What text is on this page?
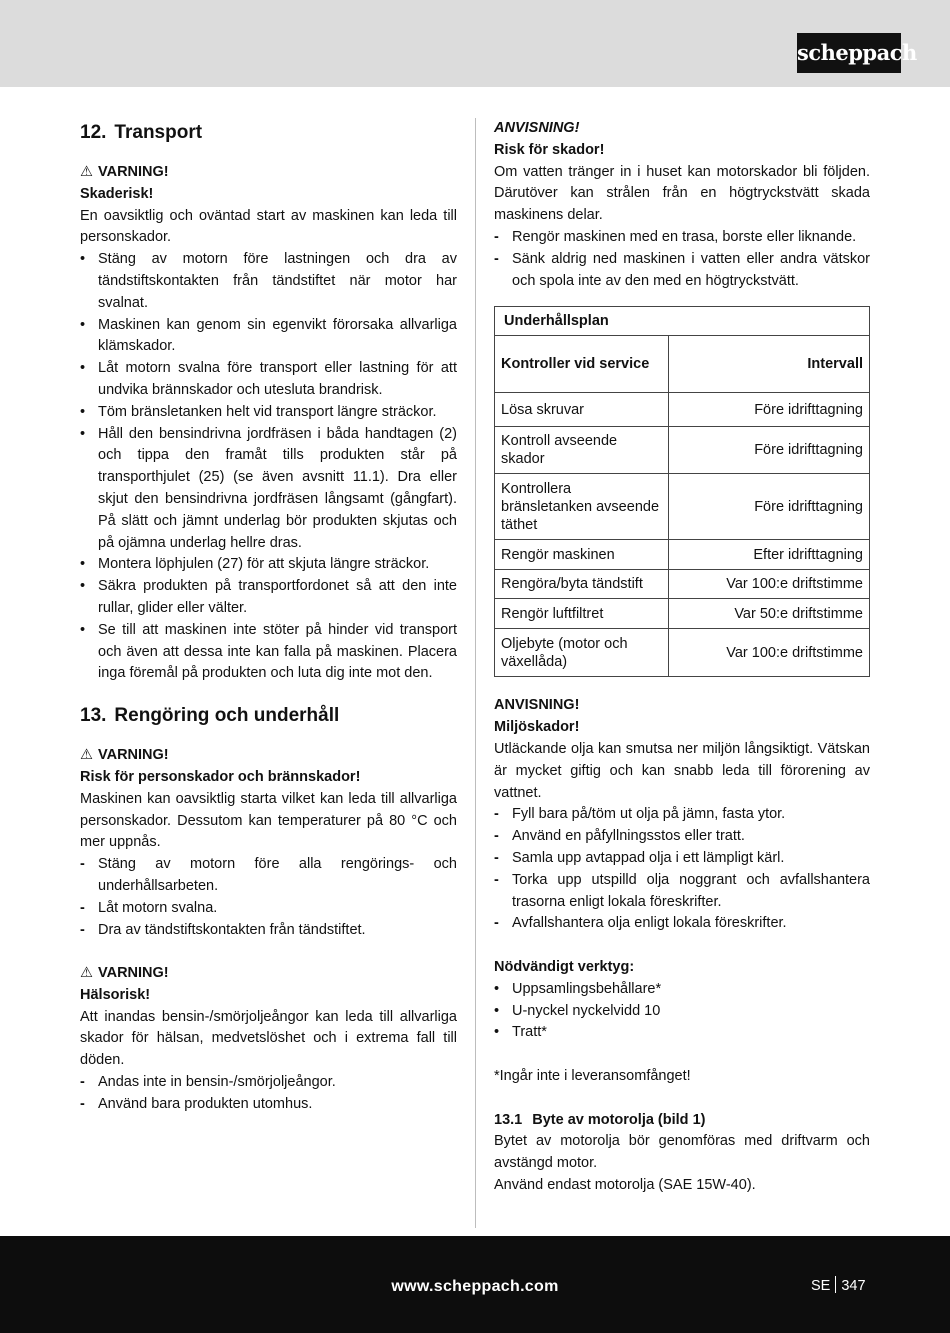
scheppach
12. Transport
⚠ VARNING!
Skaderisk!

En oavsiktlig och oväntad start av maskinen kan leda till personskador.

• Stäng av motorn före lastningen och dra av tändstiftskontakten från tändstiftet när motor har svalnat.
• Maskinen kan genom sin egenvikt förorsaka allvarliga klämskador.
• Låt motorn svalna före transport eller lastning för att undvika brännskador och utesluta brandrisk.
• Töm bränsletanken helt vid transport längre sträckor.
• Håll den bensindrivna jordfräsen i båda handtagen (2) och tippa den framåt tills produkten står på transporthjulet (25) (se även avsnitt 11.1). Dra eller skjut den bensindrivna jordfräsen långsamt (gångfart). På slätt och jämnt underlag bör produkten skjutas och på ojämna underlag hellre dras.
• Montera löphjulen (27) för att skjuta längre sträckor.
• Säkra produkten på transportfordonet så att den inte rullar, glider eller välter.
• Se till att maskinen inte stöter på hinder vid transport och även att dessa inte kan falla på maskinen. Placera inga föremål på produkten och luta dig inte mot den.
13. Rengöring och underhåll
⚠ VARNING!
Risk för personskador och brännskador!

Maskinen kan oavsiktlig starta vilket kan leda till allvarliga personskador. Dessutom kan temperaturer på 80 °C och mer uppnås.

- Stäng av motorn före alla rengörings- och underhållsarbeten.
- Låt motorn svalna.
- Dra av tändstiftskontakten från tändstiftet.
⚠ VARNING!
Hälsorisk!

Att inandas bensin-/smörjoljeångor kan leda till allvarliga skador för hälsan, medvetslöshet och i extrema fall till döden.

- Andas inte in bensin-/smörjoljeångor.
- Använd bara produkten utomhus.
ANVISNING!
Risk för skador!

Om vatten tränger in i huset kan motorskador bli följden. Därutöver kan strålen från en högtryckstvätt skada maskinens delar.

- Rengör maskinen med en trasa, borste eller liknande.
- Sänk aldrig ned maskinen i vatten eller andra vätskor och spola inte av den med en högtryckstvätt.
Underhållsplan	
Kontroller vid service	Intervall
Lösa skruvar	Före idrifttagning
Kontroll avseende skador	Före idrifttagning
Kontrollera bränsletanken avseende täthet	Före idrifttagning
Rengör maskinen	Efter idrifttagning
Rengöra/byta tändstift	Var 100:e driftstimme
Rengör luftfiltret	Var 50:e driftstimme
Oljebyte (motor och växellåda)	Var 100:e driftstimme
ANVISNING!
Miljöskador!

Utläckande olja kan smutsa ner miljön långsiktigt. Vätskan är mycket giftig och kan snabb leda till förorening av vattnet.

- Fyll bara på/töm ut olja på jämn, fasta ytor.
- Använd en påfyllningsstos eller tratt.
- Samla upp avtappad olja i ett lämpligt kärl.
- Torka upp utspilld olja noggrant och avfallshantera trasorna enligt lokala föreskrifter.
- Avfallshantera olja enligt lokala föreskrifter.
Nödvändigt verktyg:
• Uppsamlingsbehållare*
• U-nyckel nyckelvidd 10
• Tratt*

*Ingår inte i leveransomfånget!

13.1 Byte av motorolja (bild 1)

Bytet av motorolja bör genomföras med driftvarm och avstängd motor.

Använd endast motorolja (SAE 15W-40).

www.scheppach.com	SE 347
